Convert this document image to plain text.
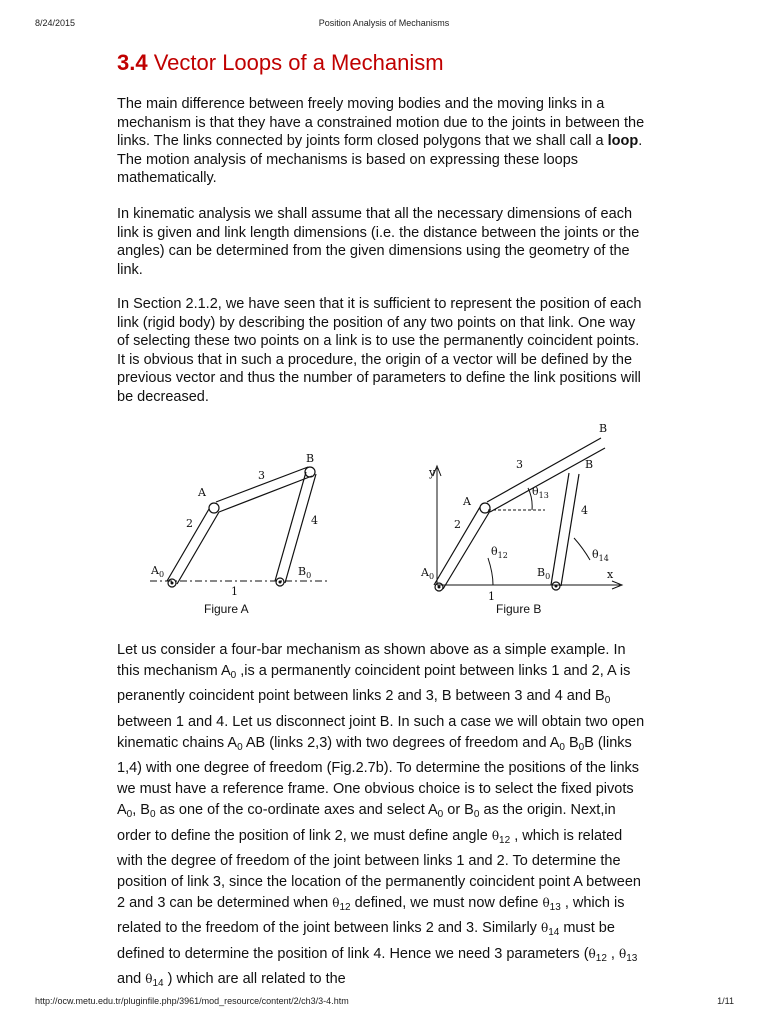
8/24/2015	Position Analysis of Mechanisms
3.4 Vector Loops of a Mechanism
The main difference between freely moving bodies and the moving links in a mechanism is that they have a constrained motion due to the joints in between the links. The links connected by joints form closed polygons that we shall call a loop. The motion analysis of mechanisms is based on expressing these loops mathematically.
In kinematic analysis we shall assume that all the necessary dimensions of each link is given and link length dimensions (i.e. the distance between the joints or the angles) can be determined from the given dimensions using the geometry of the link.
In Section 2.1.2, we have seen that it is sufficient to represent the position of each link (rigid body) by describing the position of any two points on that link. One way of selecting these two points on a link is to use the permanently coincident points. It is obvious that in such a procedure, the origin of a vector will be defined by the previous vector and thus the number of parameters to define the link positions will be decreased.
$A_0$
A
B
$B_0$
2
3
4
1
Figure A
y
x
$A_0$
A
B
B
$B_0$
2
3
4
1
$\theta_{12}$
$\theta_{13}$
$\theta_{14}$
Figure B
Let us consider a four-bar mechanism as shown above as a simple example. In this mechanism $A_0$ ,is a permanently coincident point between links 1 and 2, A is peranently coincident point between links 2 and 3, B between 3 and 4 and $B_0$ between 1 and 4. Let us disconnect joint B. In such a case we will obtain two open kinematic chains $A_0$ AB (links 2,3) with two degrees of freedom and $A_0$ $B_0B$ (links 1,4) with one degree of freedom (Fig.2.7b). To determine the positions of the links we must have a reference frame. One obvious choice is to select the fixed pivots $A_0$, $B_0$ as one of the co-ordinate axes and select $A_0$ or $B_0$ as the origin. Next,in order to define the position of link 2, we must define angle $\theta_{12}$ , which is related with the degree of freedom of the joint between links 1 and 2. To determine the position of link 3, since the location of the permanently coincident point A between 2 and 3 can be determined when $\theta_{12}$ defined, we must now define $\theta_{13}$ , which is related to the freedom of the joint between links 2 and 3. Similarly $\theta_{14}$ must be defined to determine the position of link 4. Hence we need 3 parameters ($\theta_{12}$ , $\theta_{13}$ and $\theta_{14}$ ) which are all related to the
http://ocw.metu.edu.tr/pluginfile.php/3961/mod_resource/content/2/ch3/3-4.htm	1/11
